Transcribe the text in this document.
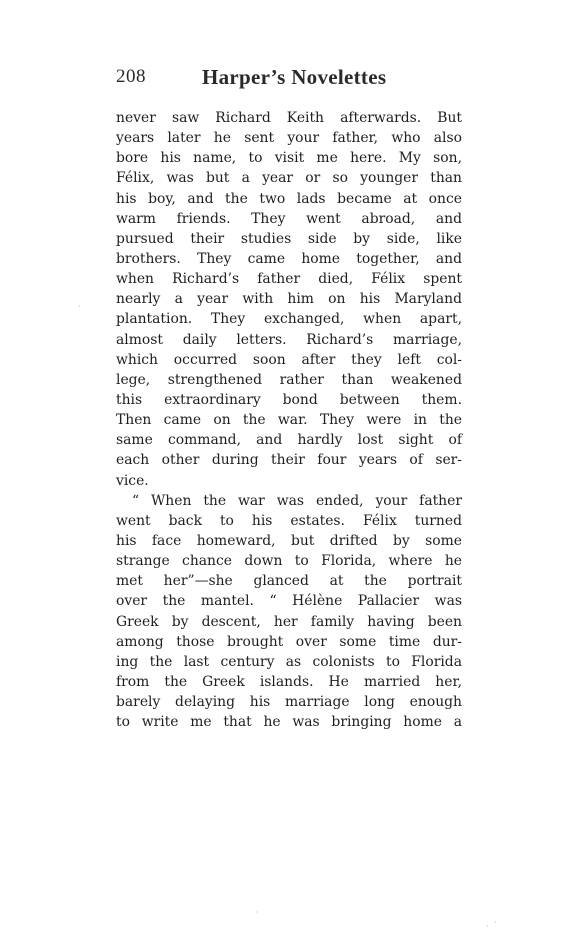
208	Harper’s Novelettes
never saw Richard Keith afterwards. But
years later he sent your father, who also
bore his name, to visit me here. My son,
Félix, was but a year or so younger than
his boy, and the two lads became at once
warm friends. They went abroad, and
pursued their studies side by side, like
brothers. They came home together, and
when Richard’s father died, Félix spent
nearly a year with him on his Maryland
plantation. They exchanged, when apart,
almost daily letters. Richard’s marriage,
which occurred soon after they left col-
lege, strengthened rather than weakened
this extraordinary bond between them.
Then came on the war. They were in the
same command, and hardly lost sight of
each other during their four years of ser-
vice.
“ When the war was ended, your father
went back to his estates. Félix turned
his face homeward, but drifted by some
strange chance down to Florida, where he
met her”—she glanced at the portrait
over the mantel. “ Hélène Pallacier was
Greek by descent, her family having been
among those brought over some time dur-
ing the last century as colonists to Florida
from the Greek islands. He married her,
barely delaying his marriage long enough
to write me that he was bringing home a
·
·
· ·
